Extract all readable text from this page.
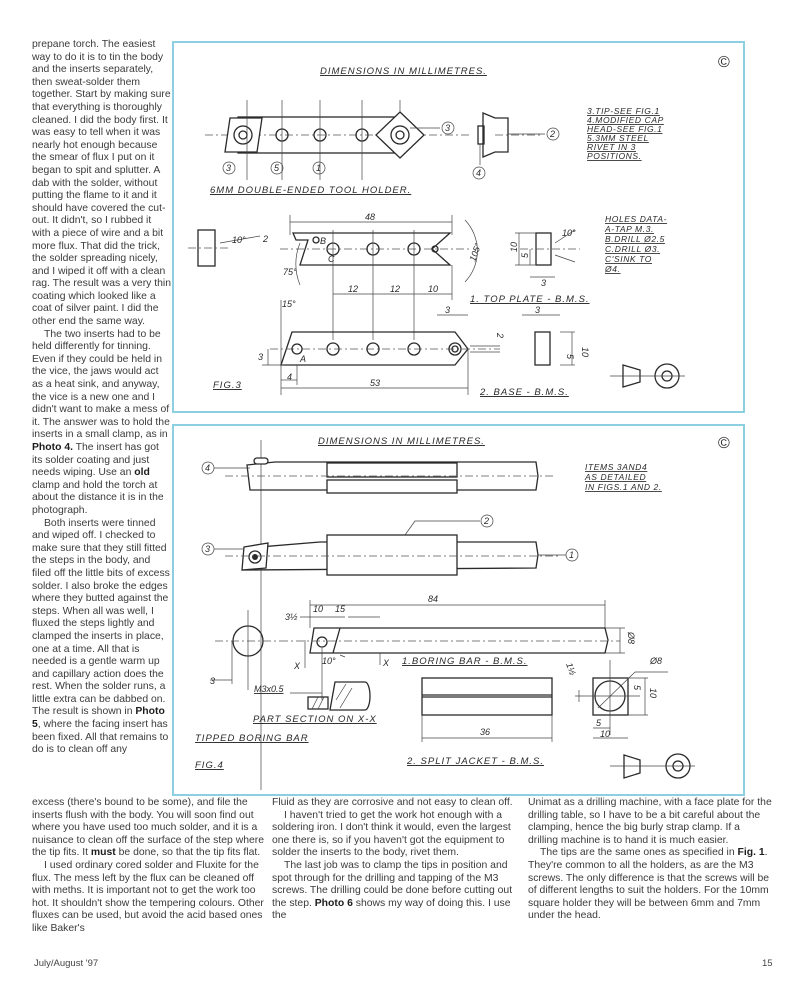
prepane torch. The easiest way to do it is to tin the body and the inserts separately, then sweat-solder them together. Start by making sure that everything is thoroughly cleaned. I did the body first. It was easy to tell when it was nearly hot enough because the smear of flux I put on it began to spit and splutter. A dab with the solder, without putting the flame to it and it should have covered the cut-out. It didn't, so I rubbed it with a piece of wire and a bit more flux. That did the trick, the solder spreading nicely, and I wiped it off with a clean rag. The result was a very thin coating which looked like a coat of silver paint. I did the other end the same way.

The two inserts had to be held differently for tinning. Even if they could be held in the vice, the jaws would act as a heat sink, and anyway, the vice is a new one and I didn't want to make a mess of it. The answer was to hold the inserts in a small clamp, as in Photo 4. The insert has got its solder coating and just needs wiping. Use an old clamp and hold the torch at about the distance it is in the photograph.

Both inserts were tinned and wiped off. I checked to make sure that they still fitted the steps in the body, and filed off the little bits of excess solder. I also broke the edges where they butted against the steps. When all was well, I fluxed the steps lightly and clamped the inserts in place, one at a time. All that is needed is a gentle warm up and capillary action does the rest. When the solder runs, a little extra can be dabbed on. The result is shown in Photo 5, where the facing insert has been fixed. All that remains to do is to clean off any

excess (there's bound to be some), and file the inserts flush with the body. You will soon find out where you have used too much solder, and it is a nuisance to clean off the surface of the step where the tip fits. It must be done, so that the tip fits flat.

I used ordinary cored solder and Fluxite for the flux. The mess left by the flux can be cleaned off with meths. It is important not to get the work too hot. It shouldn't show the tempering colours. Other fluxes can be used, but avoid the acid based ones like Baker's

Fluid as they are corrosive and not easy to clean off.

I haven't tried to get the work hot enough with a soldering iron. I don't think it would, even the largest one there is, so if you haven't got the equipment to solder the inserts to the body, rivet them.

The last job was to clamp the tips in position and spot through for the drilling and tapping of the M3 screws. The drilling could be done before cutting out the step. Photo 6 shows my way of doing this. I use the

Unimat as a drilling machine, with a face plate for the drilling table, so I have to be a bit careful about the clamping, hence the big burly strap clamp. If a drilling machine is to hand it is much easier.

The tips are the same ones as specified in Fig. 1. They're common to all the holders, as are the M3 screws. The only difference is that the screws will be of different lengths to suit the holders. For the 10mm square holder they will be between 6mm and 7mm under the head.

DIMENSIONS IN MILLIMETRES.
©
3
2
3	5	1	4
3.TIP-SEE FIG.1
4.MODIFIED CAP
HEAD-SEE FIG.1
5.3MM STEEL
RIVET IN 3
POSITIONS.
6MM DOUBLE-ENDED TOOL HOLDER.
48
2
10°
75°
105°	10
5
3
10°
12	12	10
B
C
HOLES DATA-
A-TAP M.3.
B.DRILL Ø2.5
C.DRILL Ø3.
C'SINK TO
Ø4.
1. TOP PLATE - B.M.S.
15°
3	3
2
10
5
3
4
53
A
FIG.3
2. BASE - B.M.S.
DIMENSIONS IN MILLIMETRES.	©
4
2
3
1
ITEMS 3AND4
AS DETAILED
IN FIGS.1 AND 2.
84
10 15
3½
3
Ø8
10°
X	X
M3x0.5
1.BORING BAR - B.M.S.
PART SECTION ON X-X
TIPPED BORING BAR
FIG.4
1½
Ø8
5
10
5
10
36
2. SPLIT JACKET - B.M.S.
July/August '97	15
